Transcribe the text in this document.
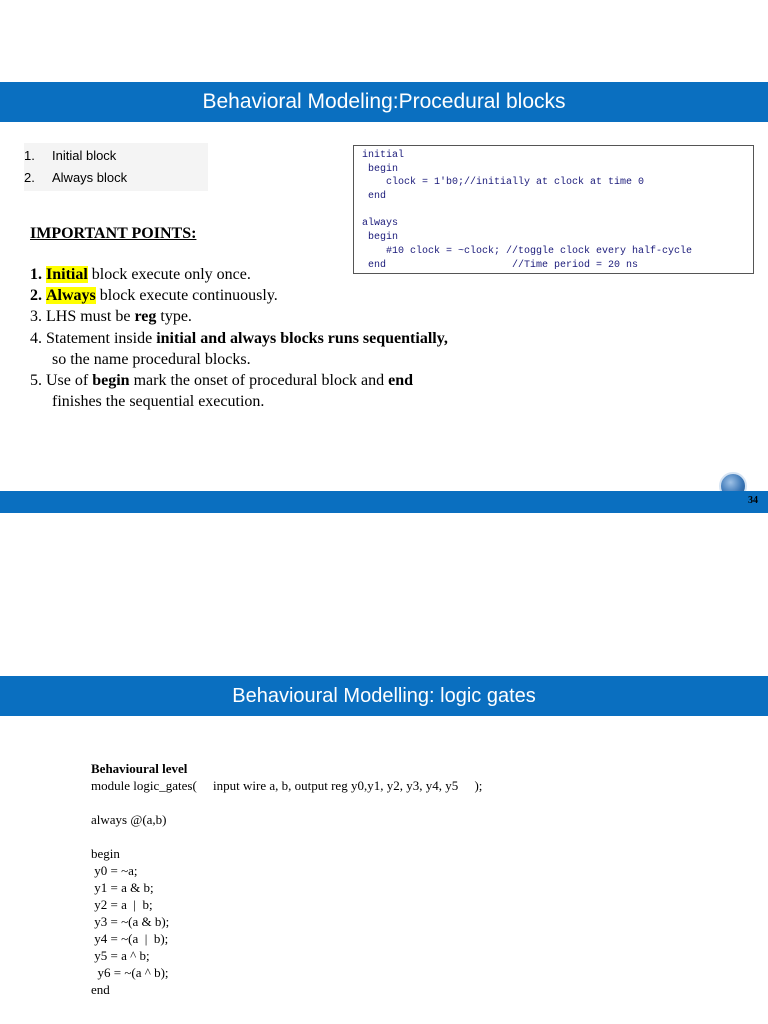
Behavioral Modeling:Procedural blocks
1. Initial block
2. Always block
initial
begin
clock = 1'b0;//initially at clock at time 0
end
always
begin
#10 clock = ~clock; //toggle clock every half-cycle
end                     //Time period = 20 ns
IMPORTANT POINTS:
1. Initial block execute only once.
2. Always block execute continuously.
3. LHS must be reg type.
4. Statement inside initial and always blocks runs sequentially, so the name procedural blocks.
5. Use of begin mark the onset of procedural block and end finishes the sequential execution.
34
Behavioural Modelling: logic gates
Behavioural level
module logic_gates(     input wire a, b, output reg y0,y1, y2, y3, y4, y5     );
always @(a,b)
begin
y0 = ~a;
y1 = a & b;
y2 = a  |  b;
y3 = ~(a & b);
y4 = ~(a  |  b);
y5 = a ^ b;
y6 = ~(a ^ b);
end
